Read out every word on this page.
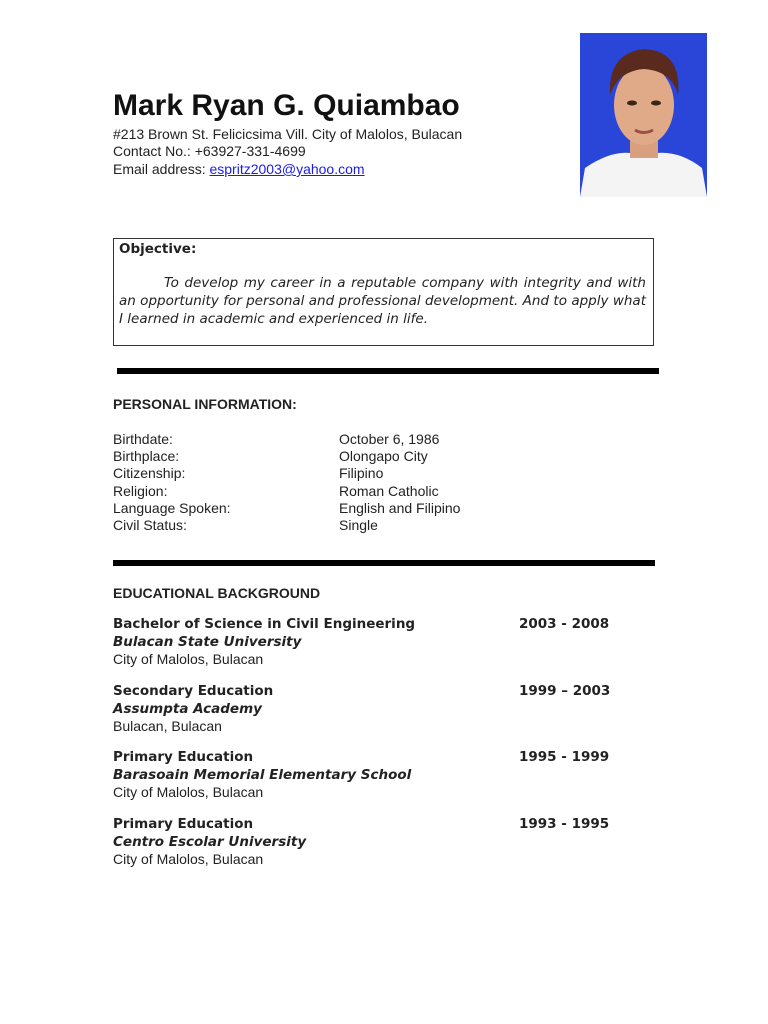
Mark Ryan G. Quiambao
#213 Brown St. Felicicsima Vill. City of Malolos, Bulacan
Contact No.: +63927-331-4699
Email address: espritz2003@yahoo.com
Objective:
To develop my career in a reputable company with integrity and with an opportunity for personal and professional development. And to apply what I learned in academic and experienced in life.
PERSONAL INFORMATION:
Birthdate:	October 6, 1986
Birthplace:	Olongapo City
Citizenship:	Filipino
Religion:	Roman Catholic
Language Spoken:	English and Filipino
Civil Status:	Single
EDUCATIONAL BACKGROUND
Bachelor of Science in Civil Engineering
Bulacan State University
City of Malolos, Bulacan
2003 - 2008
Secondary Education
Assumpta Academy
Bulacan, Bulacan
1999 – 2003
Primary Education
Barasoain Memorial Elementary School
City of Malolos, Bulacan
1995 - 1999
Primary Education
Centro Escolar University
City of Malolos, Bulacan
1993 - 1995
